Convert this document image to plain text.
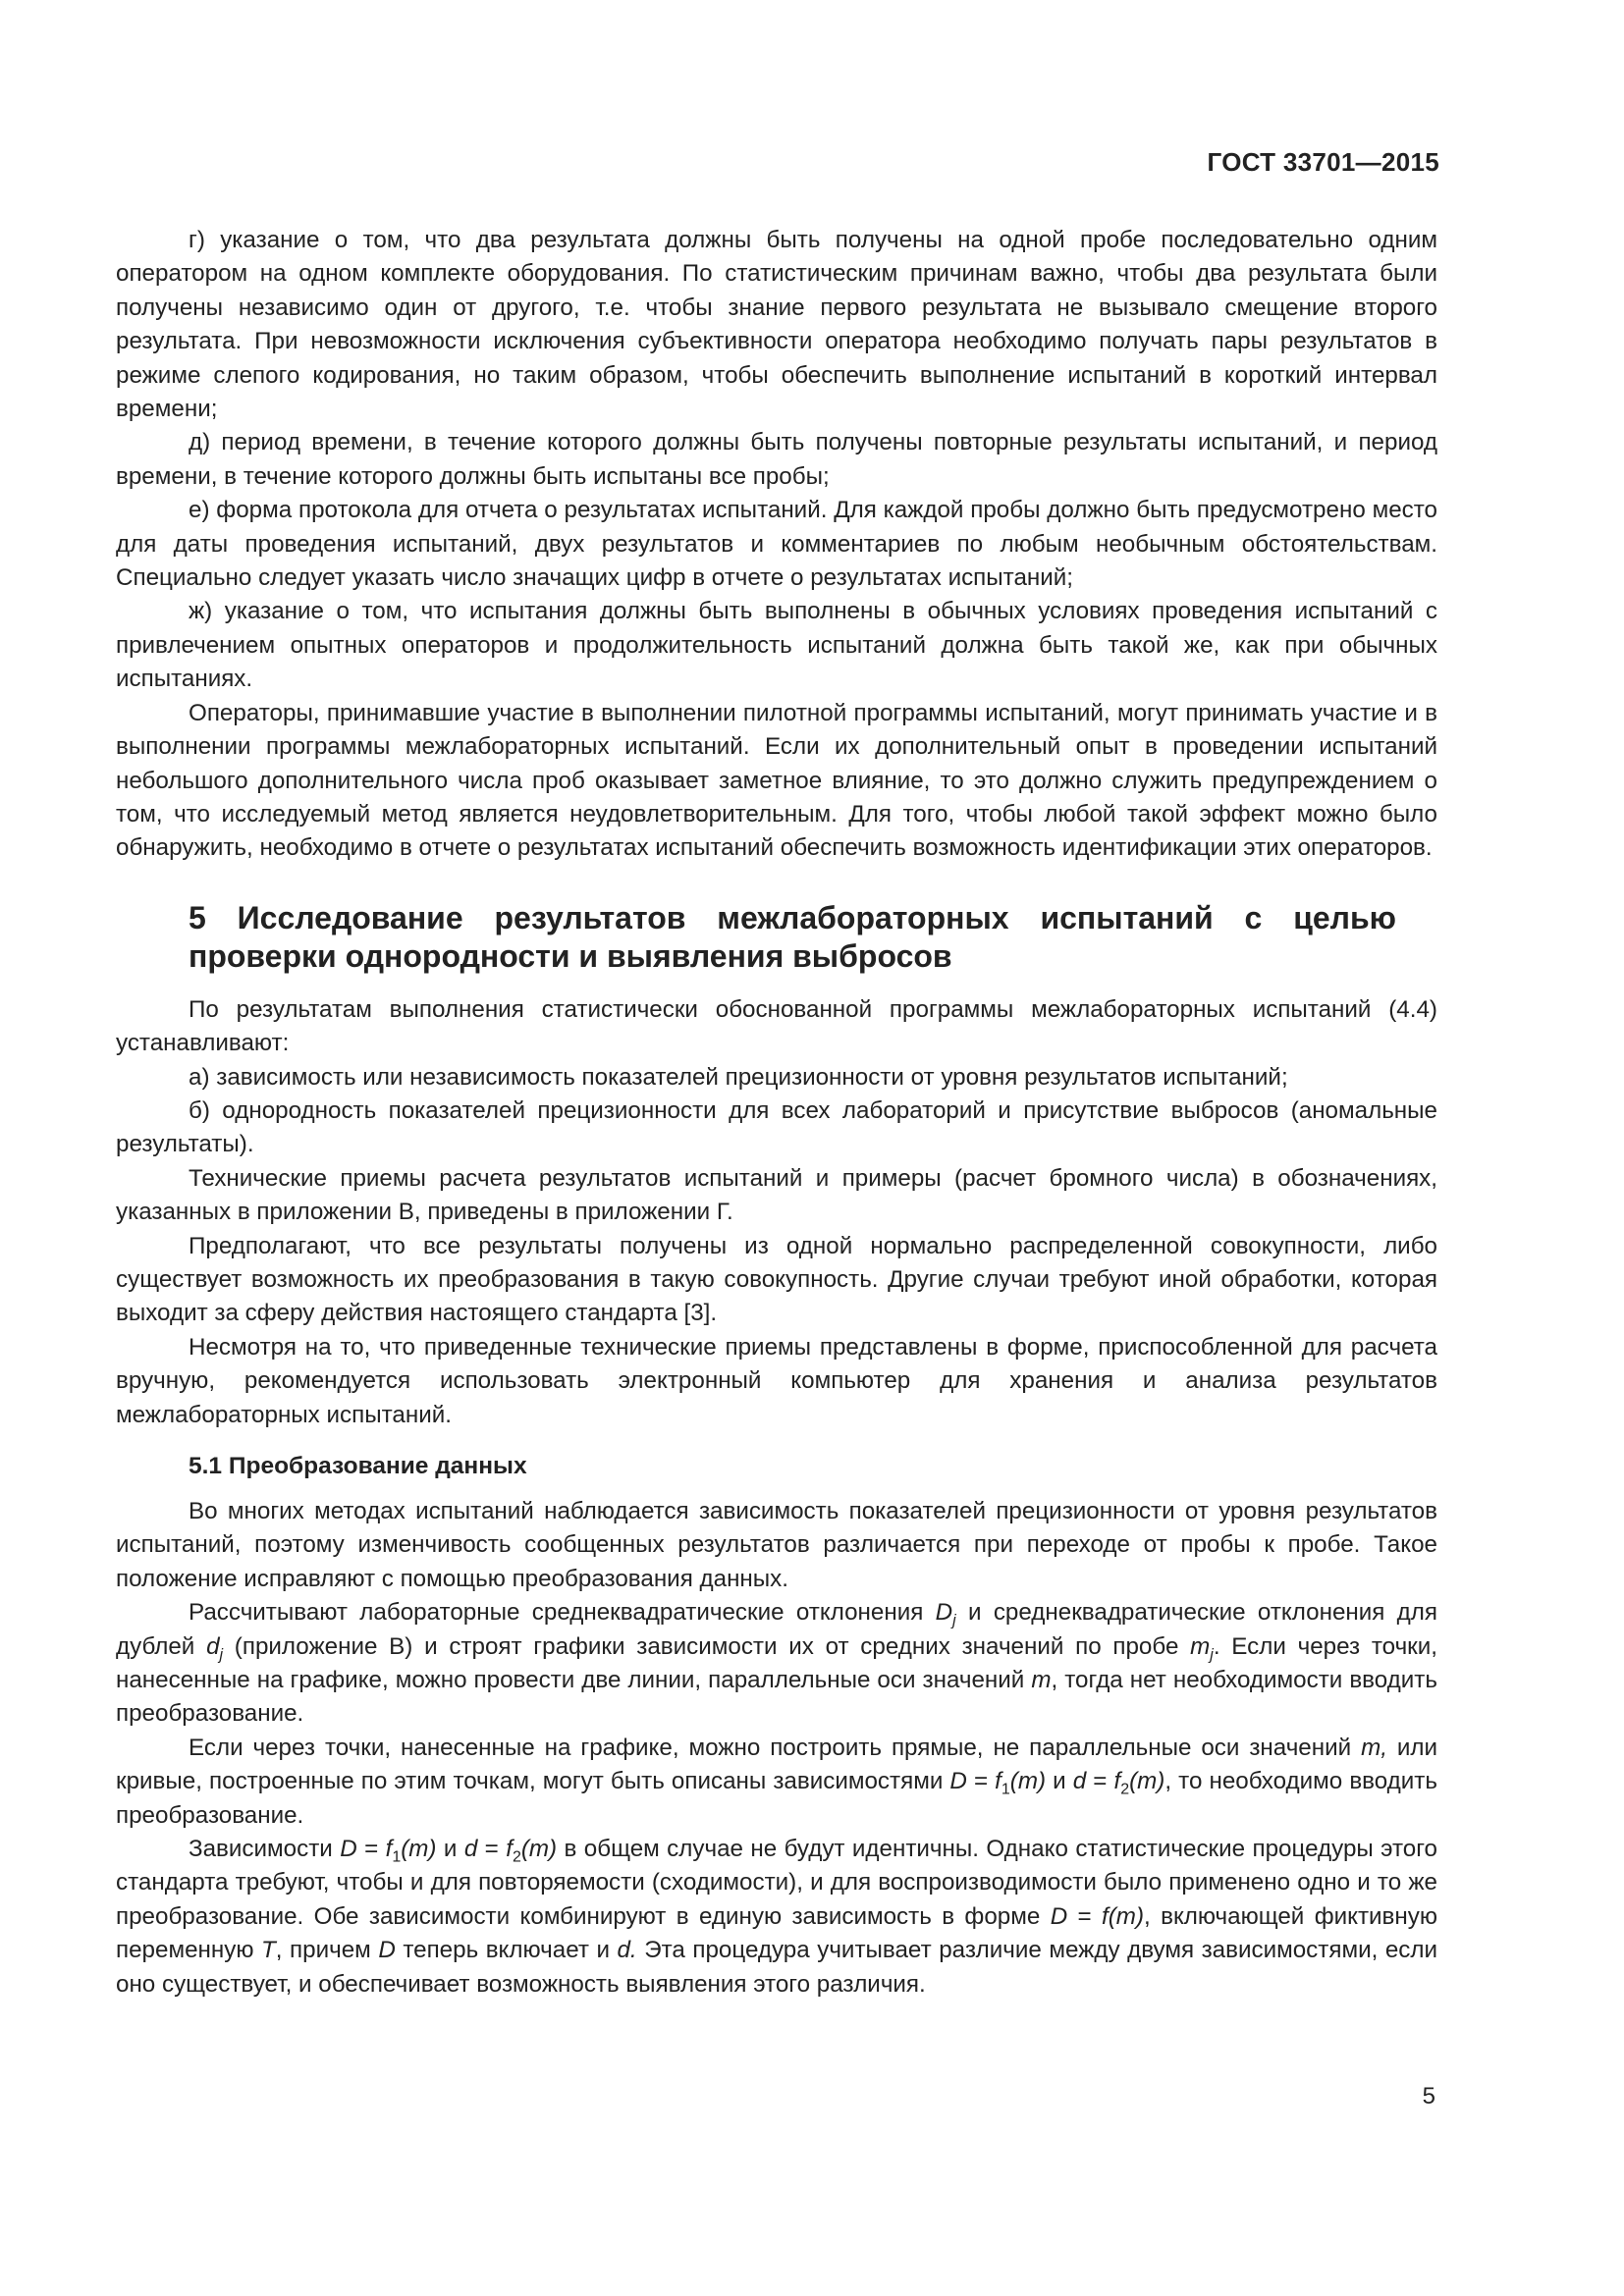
ГОСТ 33701—2015

г) указание о том, что два результата должны быть получены на одной пробе последовательно одним оператором на одном комплекте оборудования. По статистическим причинам важно, чтобы два результата были получены независимо один от другого, т.е. чтобы знание первого результата не вызывало смещение второго результата. При невозможности исключения субъективности оператора необходимо получать пары результатов в режиме слепого кодирования, но таким образом, чтобы обеспечить выполнение испытаний в короткий интервал времени;

д) период времени, в течение которого должны быть получены повторные результаты испытаний, и период времени, в течение которого должны быть испытаны все пробы;

е) форма протокола для отчета о результатах испытаний. Для каждой пробы должно быть предусмотрено место для даты проведения испытаний, двух результатов и комментариев по любым необычным обстоятельствам. Специально следует указать число значащих цифр в отчете о результатах испытаний;

ж) указание о том, что испытания должны быть выполнены в обычных условиях проведения испытаний с привлечением опытных операторов и продолжительность испытаний должна быть такой же, как при обычных испытаниях.

Операторы, принимавшие участие в выполнении пилотной программы испытаний, могут принимать участие и в выполнении программы межлабораторных испытаний. Если их дополнительный опыт в проведении испытаний небольшого дополнительного числа проб оказывает заметное влияние, то это должно служить предупреждением о том, что исследуемый метод является неудовлетворительным. Для того, чтобы любой такой эффект можно было обнаружить, необходимо в отчете о результатах испытаний обеспечить возможность идентификации этих операторов.

5 Исследование результатов межлабораторных испытаний с целью проверки однородности и выявления выбросов

По результатам выполнения статистически обоснованной программы межлабораторных испытаний (4.4) устанавливают:

а) зависимость или независимость показателей прецизионности от уровня результатов испытаний;

б) однородность показателей прецизионности для всех лабораторий и присутствие выбросов (аномальные результаты).

Технические приемы расчета результатов испытаний и примеры (расчет бромного числа) в обозначениях, указанных в приложении В, приведены в приложении Г.

Предполагают, что все результаты получены из одной нормально распределенной совокупности, либо существует возможность их преобразования в такую совокупность. Другие случаи требуют иной обработки, которая выходит за сферу действия настоящего стандарта [3].

Несмотря на то, что приведенные технические приемы представлены в форме, приспособленной для расчета вручную, рекомендуется использовать электронный компьютер для хранения и анализа результатов межлабораторных испытаний.

5.1 Преобразование данных

Во многих методах испытаний наблюдается зависимость показателей прецизионности от уровня результатов испытаний, поэтому изменчивость сообщенных результатов различается при переходе от пробы к пробе. Такое положение исправляют с помощью преобразования данных.

Рассчитывают лабораторные среднеквадратические отклонения $D_j$ и среднеквадратические отклонения для дублей $d_j$ (приложение В) и строят графики зависимости их от средних значений по пробе $m_j$. Если через точки, нанесенные на графике, можно провести две линии, параллельные оси значений m, тогда нет необходимости вводить преобразование.

Если через точки, нанесенные на графике, можно построить прямые, не параллельные оси значений m, или кривые, построенные по этим точкам, могут быть описаны зависимостями $D = f_1(m)$ и $d = f_2(m)$, то необходимо вводить преобразование.

Зависимости $D = f_1(m)$ и $d = f_2(m)$ в общем случае не будут идентичны. Однако статистические процедуры этого стандарта требуют, чтобы и для повторяемости (сходимости), и для воспроизводимости было применено одно и то же преобразование. Обе зависимости комбинируют в единую зависимость в форме D = f(m), включающей фиктивную переменную T, причем D теперь включает и d. Эта процедура учитывает различие между двумя зависимостями, если оно существует, и обеспечивает возможность выявления этого различия.

5
